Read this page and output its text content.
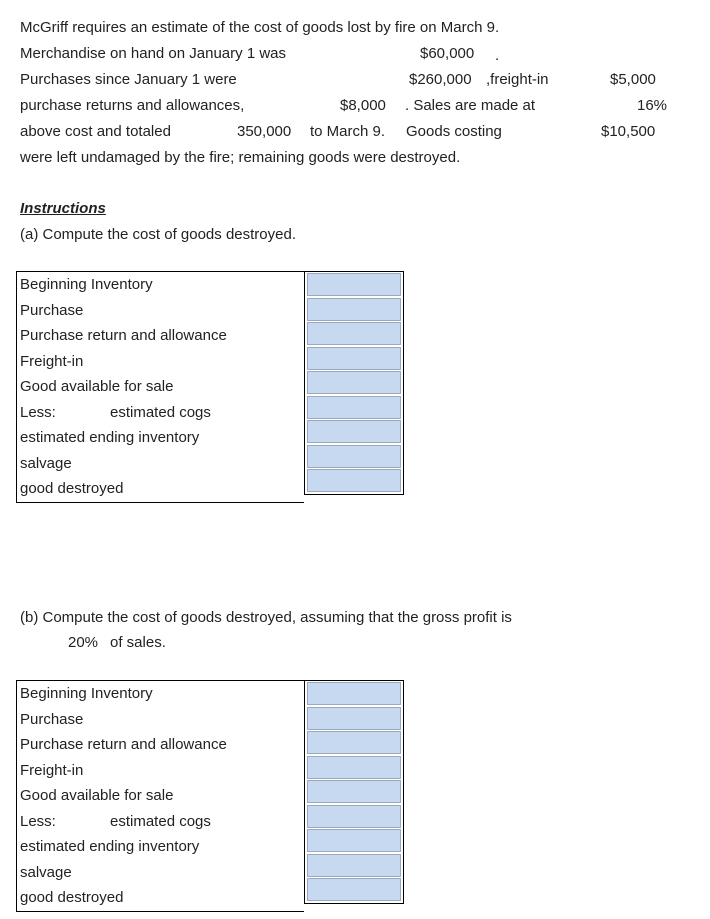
McGriff requires an estimate of the cost of goods lost by fire on March 9.
Merchandise on hand on January 1 was	$60,000 .
Purchases since January 1 were	$260,000 ,freight-in	$5,000
purchase returns and allowances,	$8,000 . Sales are made at	16%
above cost and totaled	350,000 to March 9. Goods costing	$10,500
were left undamaged by the fire; remaining goods were destroyed.
Instructions
(a) Compute the cost of goods destroyed.
Beginning Inventory
Purchase
Purchase return and allowance
Freight-in
Good available for sale
Less:	estimated cogs
estimated ending inventory
salvage
good destroyed
(b) Compute the cost of goods destroyed, assuming that the gross profit is
20% of sales.
Beginning Inventory
Purchase
Purchase return and allowance
Freight-in
Good available for sale
Less:	estimated cogs
estimated ending inventory
salvage
good destroyed
